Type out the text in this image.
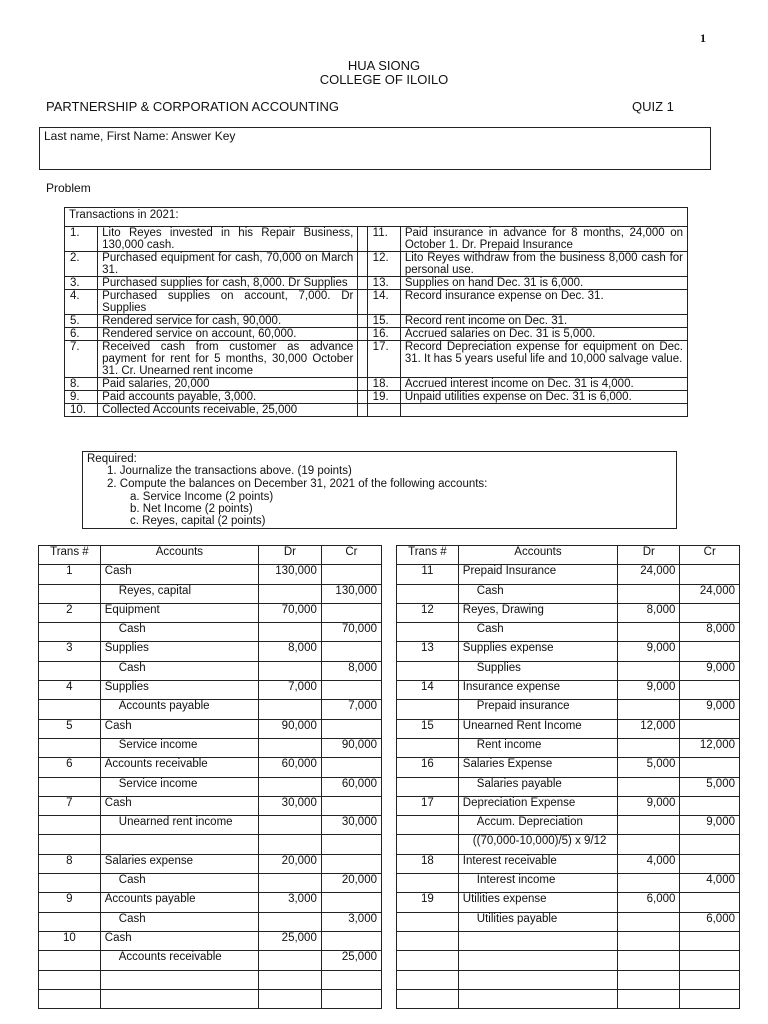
1
HUA SIONG
COLLEGE OF ILOILO
PARTNERSHIP & CORPORATION ACCOUNTING	QUIZ 1
Last name, First Name: Answer Key
Problem
Transactions in 2021:				
1.	Lito Reyes invested in his Repair Business, 130,000 cash.		11.	Paid insurance in advance for 8 months, 24,000 on October 1. Dr. Prepaid Insurance
2.	Purchased equipment for cash, 70,000 on March 31.		12.	Lito Reyes withdraw from the business 8,000 cash for personal use.
3.	Purchased supplies for cash, 8,000. Dr Supplies		13.	Supplies on hand Dec. 31 is 6,000.
4.	Purchased supplies on account, 7,000. Dr Supplies		14.	Record insurance expense on Dec. 31.
5.	Rendered service for cash, 90,000.		15.	Record rent income on Dec. 31.
6.	Rendered service on account, 60,000.		16.	Accrued salaries on Dec. 31 is 5,000.
7.	Received cash from customer as advance payment for rent for 5 months, 30,000 October 31. Cr. Unearned rent income		17.	Record Depreciation expense for equipment on Dec. 31. It has 5 years useful life and 10,000 salvage value.
8.	Paid salaries, 20,000		18.	Accrued interest income on Dec. 31 is 4,000.
9.	Paid accounts payable, 3,000.		19.	Unpaid utilities expense on Dec. 31 is 6,000.
10.	Collected Accounts receivable, 25,000			
Required:
1. Journalize the transactions above. (19 points)
2. Compute the balances on December 31, 2021 of the following accounts:
a. Service Income (2 points)
b. Net Income (2 points)
c. Reyes, capital (2 points)
Trans #	Accounts	Dr	Cr
1	Cash	130,000	
	Reyes, capital		130,000
2	Equipment	70,000	
	Cash		70,000
3	Supplies	8,000	
	Cash		8,000
4	Supplies	7,000	
	Accounts payable		7,000
5	Cash	90,000	
	Service income		90,000
6	Accounts receivable	60,000	
	Service income		60,000
7	Cash	30,000	
	Unearned rent income		30,000

8	Salaries expense	20,000	
	Cash		20,000
9	Accounts payable	3,000	
	Cash		3,000
10	Cash	25,000	
	Accounts receivable		25,000

Trans #	Accounts	Dr	Cr
11	Prepaid Insurance	24,000	
	Cash		24,000
12	Reyes, Drawing	8,000	
	Cash		8,000
13	Supplies expense	9,000	
	Supplies		9,000
14	Insurance expense	9,000	
	Prepaid insurance		9,000
15	Unearned Rent Income	12,000	
	Rent income		12,000
16	Salaries Expense	5,000	
	Salaries payable		5,000
17	Depreciation Expense	9,000	
	Accum. Depreciation		9,000
	((70,000-10,000)/5) x 9/12		
18	Interest receivable	4,000	
	Interest income		4,000
19	Utilities expense	6,000	
	Utilities payable		6,000
